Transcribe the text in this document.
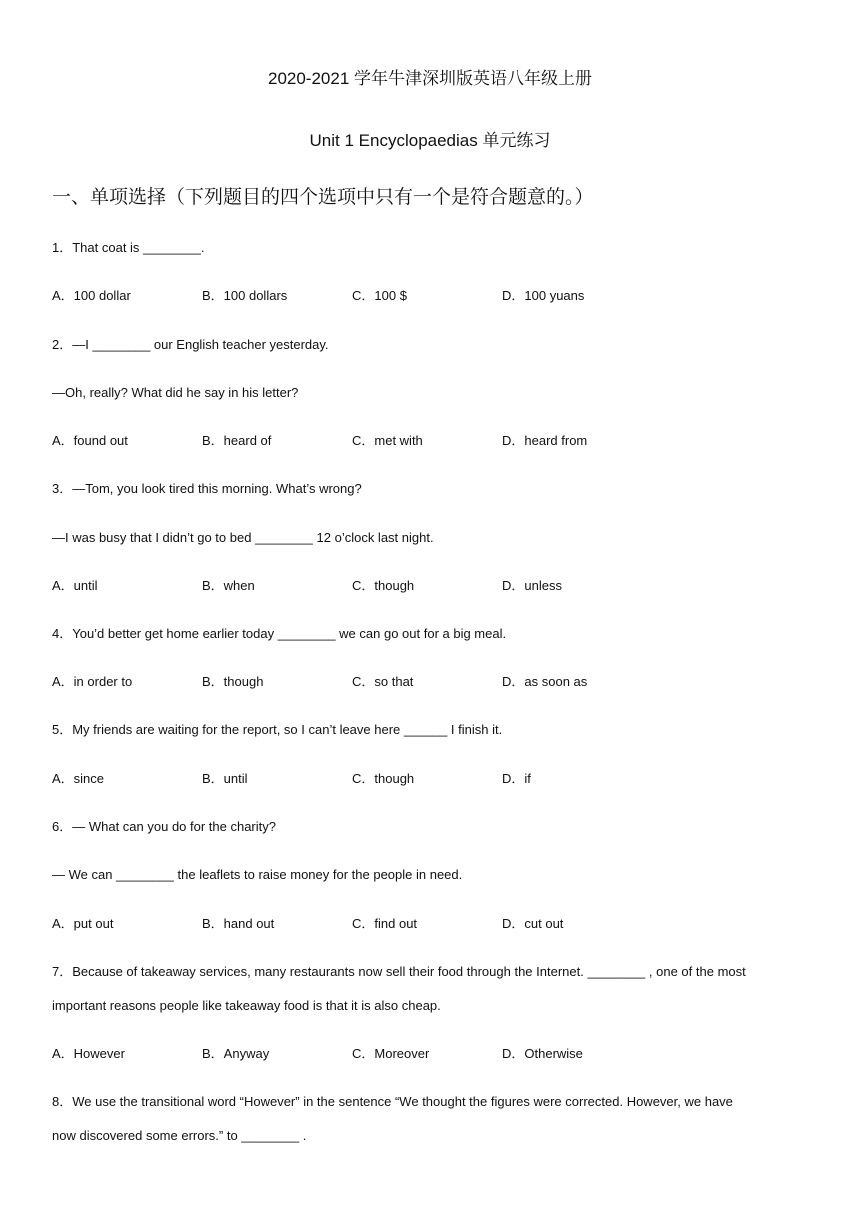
2020-2021 学年牛津深圳版英语八年级上册
Unit 1 Encyclopaedias 单元练习
一、单项选择（下列题目的四个选项中只有一个是符合题意的。）
1．That coat is ________.
A．100 dollar	B．100 dollars	C．100 $	D．100 yuans
2．—I ________ our English teacher yesterday.
—Oh, really? What did he say in his letter?
A．found out	B．heard of	C．met with	D．heard from
3．—Tom, you look tired this morning. What’s wrong?
—I was busy that I didn’t go to bed ________ 12 o’clock last night.
A．until	B．when	C．though	D．unless
4．You’d better get home earlier today ________ we can go out for a big meal.
A．in order to	B．though	C．so that	D．as soon as
5．My friends are waiting for the report, so I can’t leave here ______ I finish it.
A．since	B．until	C．though	D．if
6．— What can you do for the charity?
— We can ________ the leaflets to raise money for the people in need.
A．put out	B．hand out	C．find out	D．cut out
7．Because of takeaway services, many restaurants now sell their food through the Internet. ________ , one of the most
important reasons people like takeaway food is that it is also cheap.
A．However	B．Anyway	C．Moreover	D．Otherwise
8．We use the transitional word “However” in the sentence “We thought the figures were corrected. However, we have
now discovered some errors.” to ________ .
